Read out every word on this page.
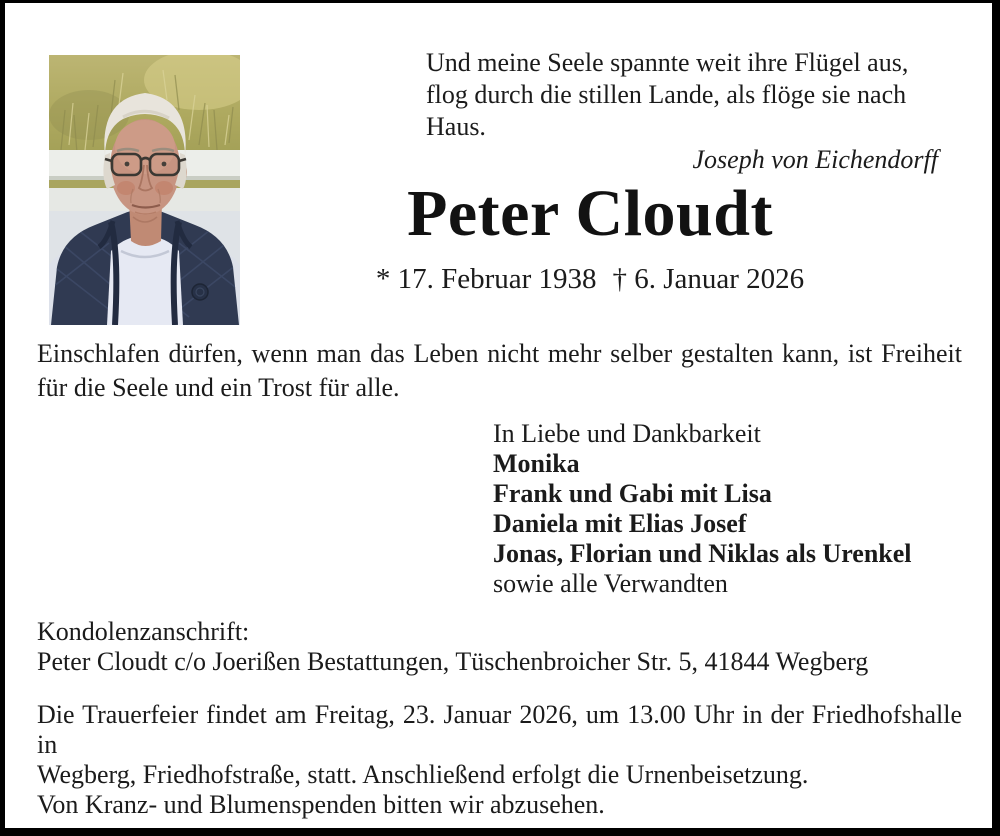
Und meine Seele spannte weit ihre Flügel aus,
flog durch die stillen Lande, als flöge sie nach Haus.
Joseph von Eichendorff
Peter Cloudt
* 17. Februar 1938 † 6. Januar 2026
Einschlafen dürfen, wenn man das Leben nicht mehr selber gestalten kann, ist Freiheit
für die Seele und ein Trost für alle.
In Liebe und Dankbarkeit
Monika
Frank und Gabi mit Lisa
Daniela mit Elias Josef
Jonas, Florian und Niklas als Urenkel
sowie alle Verwandten
Kondolenzanschrift:
Peter Cloudt c/o Joerißen Bestattungen, Tüschenbroicher Str. 5, 41844 Wegberg
Die Trauerfeier findet am Freitag, 23. Januar 2026, um 13.00 Uhr in der Friedhofshalle in
Wegberg, Friedhofstraße, statt. Anschließend erfolgt die Urnenbeisetzung.
Von Kranz- und Blumenspenden bitten wir abzusehen.
